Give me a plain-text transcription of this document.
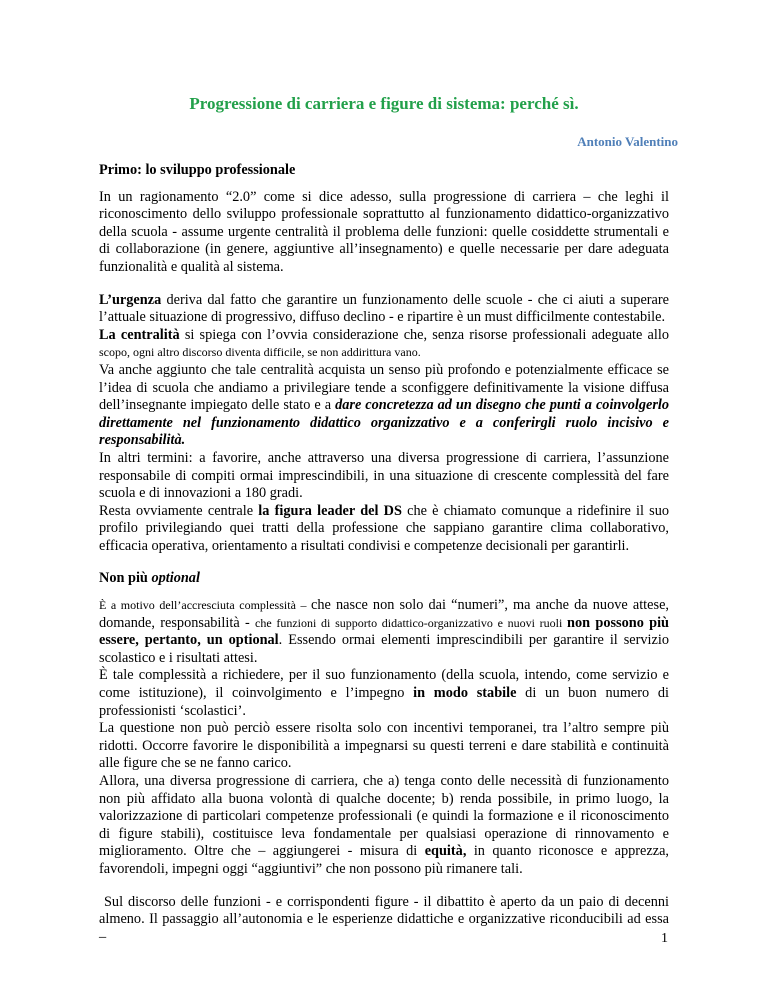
Progressione di carriera e figure di sistema: perché sì.
Antonio Valentino

Primo: lo sviluppo professionale

In un ragionamento “2.0” come si dice adesso, sulla progressione di carriera – che leghi il riconoscimento dello sviluppo professionale soprattutto al funzionamento didattico-organizzativo della scuola - assume urgente centralità il problema delle funzioni: quelle cosiddette strumentali e di collaborazione (in genere, aggiuntive all’insegnamento) e quelle necessarie per dare adeguata funzionalità e qualità al sistema.

L’urgenza deriva dal fatto che garantire un funzionamento delle scuole - che ci aiuti a superare l’attuale situazione di progressivo, diffuso declino - e ripartire è un must difficilmente contestabile.

La centralità si spiega con l’ovvia considerazione che, senza risorse professionali adeguate allo scopo, ogni altro discorso diventa difficile, se non addirittura vano.

Va anche aggiunto che tale centralità acquista un senso più profondo e potenzialmente efficace se l’idea di scuola che andiamo a privilegiare tende a sconfiggere definitivamente la visione diffusa dell’insegnante impiegato delle stato e a dare concretezza ad un disegno che punti a coinvolgerlo direttamente nel funzionamento didattico organizzativo e a conferirgli ruolo incisivo e responsabilità.

In altri termini: a favorire, anche attraverso una diversa progressione di carriera, l’assunzione responsabile di compiti ormai imprescindibili, in una situazione di crescente complessità del fare scuola e di innovazioni a 180 gradi.

Resta ovviamente centrale la figura leader del DS che è chiamato comunque a ridefinire il suo profilo privilegiando quei tratti della professione che sappiano garantire clima collaborativo, efficacia operativa, orientamento a risultati condivisi e competenze decisionali per garantirli.

Non più optional

È a motivo dell’accresciuta complessità – che nasce non solo dai “numeri”, ma anche da nuove attese, domande, responsabilità - che funzioni di supporto didattico-organizzativo e nuovi ruoli non possono più essere, pertanto, un optional. Essendo ormai elementi imprescindibili per garantire il servizio scolastico e i risultati attesi.

È tale complessità a richiedere, per il suo funzionamento (della scuola, intendo, come servizio e come istituzione), il coinvolgimento e l’impegno in modo stabile di un buon numero di professionisti ‘scolastici’.

La questione non può perciò essere risolta solo con incentivi temporanei, tra l’altro sempre più ridotti. Occorre favorire le disponibilità a impegnarsi su questi terreni e dare stabilità e continuità alle figure che se ne fanno carico.

Allora, una diversa progressione di carriera, che a) tenga conto delle necessità di funzionamento non più affidato alla buona volontà di qualche docente; b) renda possibile, in primo luogo, la valorizzazione di particolari competenze professionali (e quindi la formazione e il riconoscimento di figure stabili), costituisce leva fondamentale per qualsiasi operazione di rinnovamento e miglioramento. Oltre che – aggiungerei - misura di equità, in quanto riconosce e apprezza, favorendoli, impegni oggi “aggiuntivi” che non possono più rimanere tali.

Sul discorso delle funzioni - e corrispondenti figure - il dibattito è aperto da un paio di decenni almeno. Il passaggio all’autonomia e le esperienze didattiche e organizzative riconducibili ad essa –	1
